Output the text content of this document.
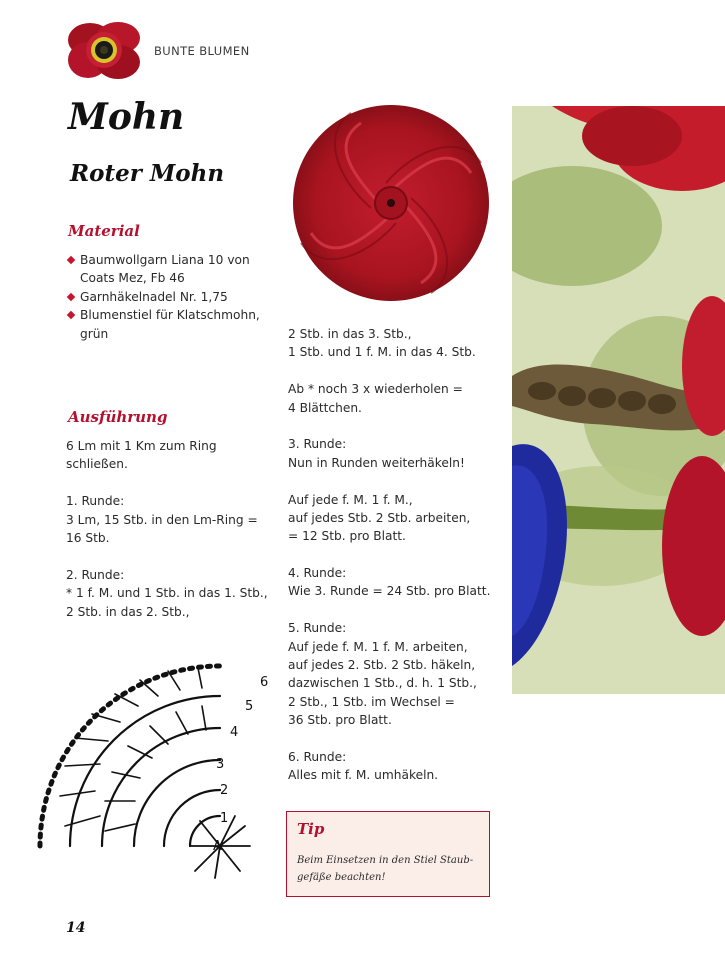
BUNTE BLUMEN
Mohn
Roter Mohn
Material
Baumwollgarn Liana 10 von
Coats Mez, Fb 46
Garnhäkelnadel Nr. 1,75
Blumenstiel für Klatschmohn,
grün
Ausführung
6 Lm mit 1 Km zum Ring
schließen.
1. Runde:
3 Lm, 15 Stb. in den Lm-Ring =
16 Stb.
2. Runde:
* 1 f. M. und 1 Stb. in das 1. Stb.,
2 Stb. in das 2. Stb.,
2 Stb. in das 3. Stb.,
1 Stb. und 1 f. M. in das 4. Stb.
Ab * noch 3 x wiederholen =
4 Blättchen.
3. Runde:
Nun in Runden weiterhäkeln!
Auf jede f. M. 1 f. M.,
auf jedes Stb. 2 Stb. arbeiten,
= 12 Stb. pro Blatt.
4. Runde:
Wie 3. Runde = 24 Stb. pro Blatt.
5. Runde:
Auf jede f. M. 1 f. M. arbeiten,
auf jedes 2. Stb. 2 Stb. häkeln,
dazwischen 1 Stb., d. h. 1 Stb.,
2 Stb., 1 Stb. im Wechsel =
36 Stb. pro Blatt.
6. Runde:
Alles mit f. M. umhäkeln.
6
5
4
3
2
1
A
Tip
Beim Einsetzen in den Stiel Staub-
gefäße beachten!
14
